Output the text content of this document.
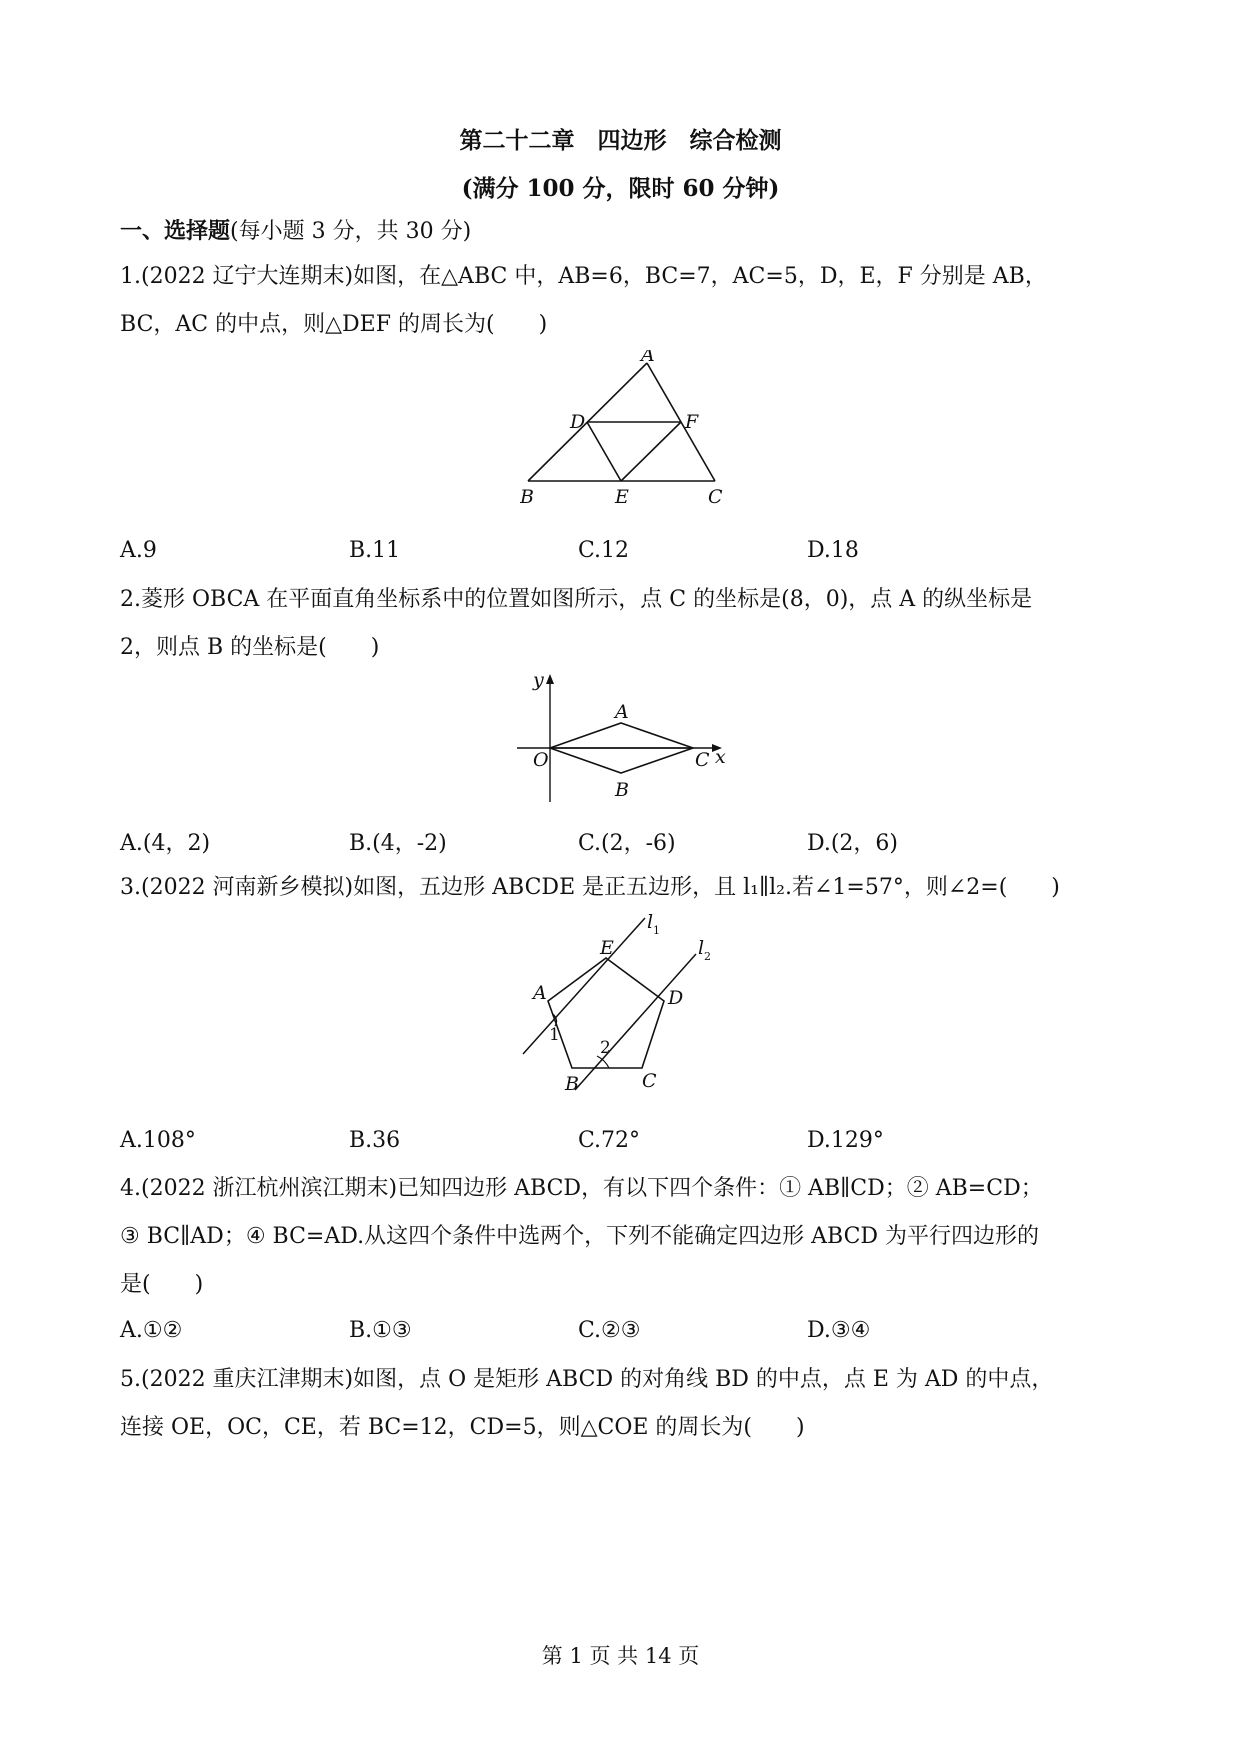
第二十二章　四边形　综合检测
(满分 100 分，限时 60 分钟)
一、选择题(每小题 3 分，共 30 分)
1.(2022 辽宁大连期末)如图，在△ABC 中，AB=6，BC=7，AC=5，D，E，F 分别是 AB，
BC，AC 的中点，则△DEF 的周长为(　　)
A
B	C
D
E
F
A.9	B.11	C.12	D.18
2.菱形 OBCA 在平面直角坐标系中的位置如图所示，点 C 的坐标是(8，0)，点 A 的纵坐标是
2，则点 B 的坐标是(　　)
y
x
O
A
B
C
A.(4，2)	B.(4，-2)	C.(2，-6)	D.(2，6)
3.(2022 河南新乡模拟)如图，五边形 ABCDE 是正五边形，且 l₁∥l₂.若∠1=57°，则∠2=(　　)
E
A	D
B	C
1
2
l 1
l 2
A.108°	B.36	C.72°	D.129°
4.(2022 浙江杭州滨江期末)已知四边形 ABCD，有以下四个条件：① AB∥CD；② AB=CD；
③ BC∥AD；④ BC=AD.从这四个条件中选两个，下列不能确定四边形 ABCD 为平行四边形的
是(　　)
A.①②	B.①③	C.②③	D.③④
5.(2022 重庆江津期末)如图，点 O 是矩形 ABCD 的对角线 BD 的中点，点 E 为 AD 的中点，
连接 OE，OC，CE，若 BC=12，CD=5，则△COE 的周长为(　　)
第 1 页 共 14 页
